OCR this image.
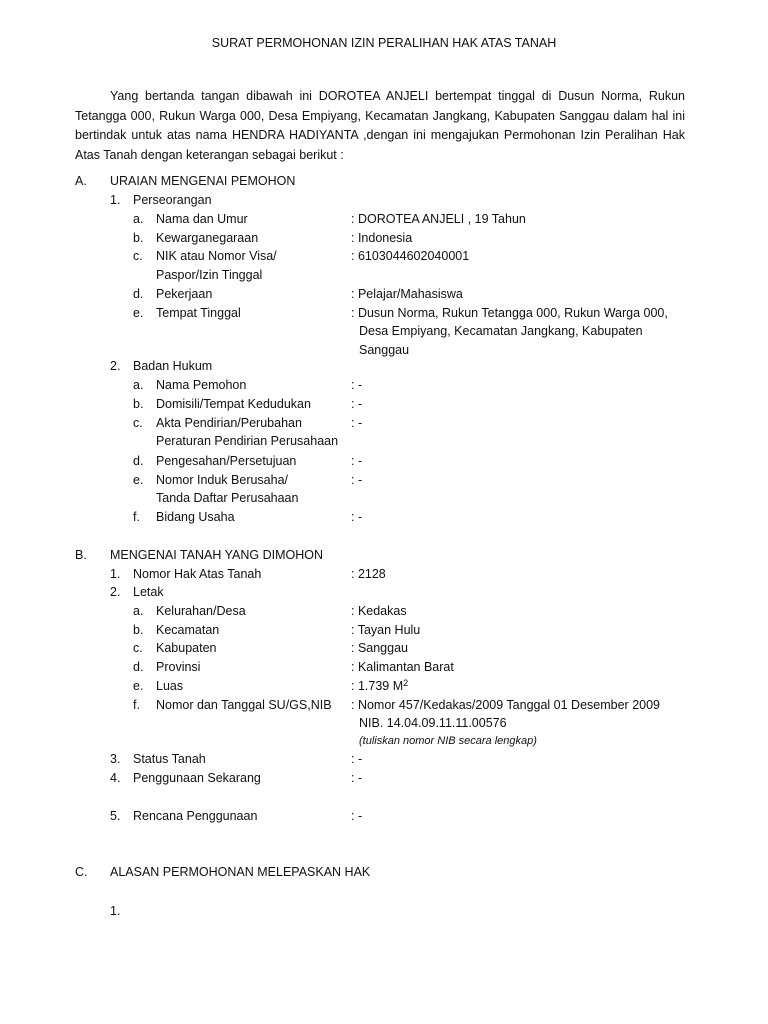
SURAT PERMOHONAN IZIN PERALIHAN HAK ATAS TANAH
Yang bertanda tangan dibawah ini DOROTEA ANJELI bertempat tinggal di Dusun Norma, Rukun Tetangga 000, Rukun Warga 000, Desa Empiyang, Kecamatan Jangkang, Kabupaten Sanggau dalam hal ini bertindak untuk atas nama HENDRA HADIYANTA ,dengan ini mengajukan Permohonan Izin Peralihan Hak Atas Tanah dengan keterangan sebagai berikut :
A. URAIAN MENGENAI PEMOHON
1. Perseorangan
a. Nama dan Umur	: DOROTEA ANJELI , 19 Tahun
b. Kewarganegaraan	: Indonesia
c. NIK atau Nomor Visa/
Paspor/Izin Tinggal
: 6103044602040001
d. Pekerjaan	: Pelajar/Mahasiswa
e. Tempat Tinggal	: Dusun Norma, Rukun Tetangga 000, Rukun Warga 000,
Desa Empiyang, Kecamatan Jangkang, Kabupaten
Sanggau
2. Badan Hukum
a. Nama Pemohon	: -
b. Domisili/Tempat Kedudukan	: -
c. Akta Pendirian/Perubahan
Peraturan Pendirian Perusahaan
: -
d. Pengesahan/Persetujuan	: -
e. Nomor Induk Berusaha/
Tanda Daftar Perusahaan
: -
f. Bidang Usaha	: -
B. MENGENAI TANAH YANG DIMOHON
1. Nomor Hak Atas Tanah	: 2128
2. Letak
a. Kelurahan/Desa	: Kedakas
b. Kecamatan	: Tayan Hulu
c. Kabupaten	: Sanggau
d. Provinsi	: Kalimantan Barat
e. Luas	: 1.739 $M^2$
f. Nomor dan Tanggal SU/GS,NIB : Nomor 457/Kedakas/2009 Tanggal 01 Desember 2009
NIB. 14.04.09.11.11.00576
(tuliskan nomor NIB secara lengkap)
3. Status Tanah	: -
4. Penggunaan Sekarang	: -
5. Rencana Penggunaan	: -
C. ALASAN PERMOHONAN MELEPASKAN HAK
1.
